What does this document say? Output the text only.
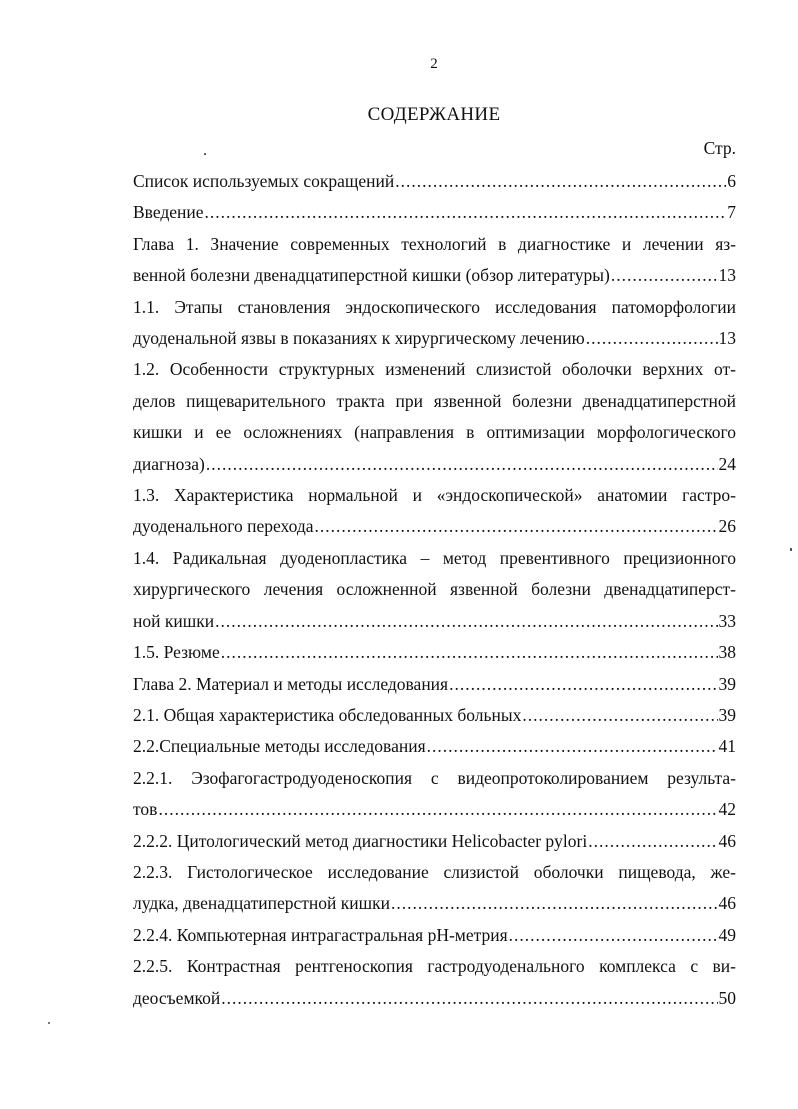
2
СОДЕРЖАНИЕ
.	Стр.
Список используемых сокращений .....	6
Введение .....	7
Глава 1. Значение современных технологий в диагностике и лечении яз-
венной болезни двенадцатиперстной кишки (обзор литературы) .....	13
1.1. Этапы становления эндоскопического исследования патоморфологии
дуоденальной язвы в показаниях к хирургическому лечению .....	13
1.2. Особенности структурных изменений слизистой оболочки верхних от-
делов пищеварительного тракта при язвенной болезни двенадцатиперстной
кишки и ее осложнениях (направления в оптимизации морфологического
диагноза) .....	24
1.3. Характеристика нормальной и «эндоскопической» анатомии гастро-
дуоденального перехода .....	26
1.4. Радикальная дуоденопластика – метод превентивного прецизионного
хирургического лечения осложненной язвенной болезни двенадцатиперст-
ной кишки .....	33
1.5. Резюме .....	38
Глава 2. Материал и методы исследования .....	39
2.1. Общая характеристика обследованных больных .....	39
2.2.Специальные методы исследования .....	41
2.2.1. Эзофагогастродуоденоскопия с видеопротоколированием результа-
тов .....	42
2.2.2. Цитологический метод диагностики Helicobacter pylori .....	46
2.2.3. Гистологическое исследование слизистой оболочки пищевода, же-
лудка, двенадцатиперстной кишки .....	46
2.2.4. Компьютерная интрагастральная рН-метрия .....	49
2.2.5. Контрастная рентгеноскопия гастродуоденального комплекса с ви-
деосъемкой .....	50
